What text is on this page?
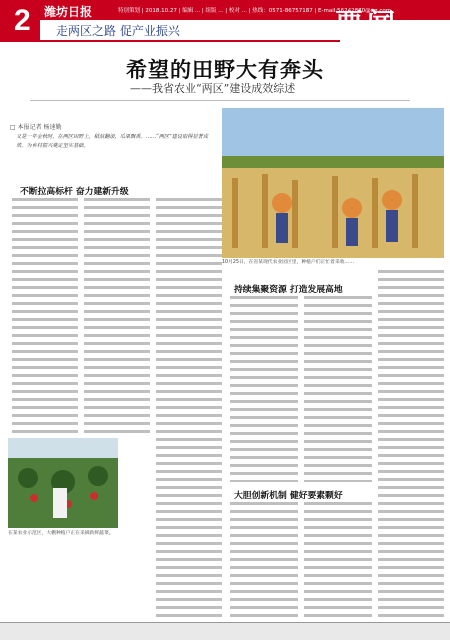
2 潍坊日报	特别策划 | 2018.10.27 | 编辑 ... | 组版 ... | 校对 ... | 热线：0571-86757187 | E-mail:56242870@qq.com
要闻
走两区之路 促产业振兴
希望的田野大有奔头
——我省农业“两区”建设成效综述
□ 本报记者 杨速勤
又是一年金秋时，在两区田野上，稻浪翻滚、瓜果飘香。……“两区”建设取得显著成效，为乡村振兴奠定坚实基础。
10月25日，在省某现代农业园区里，种植户们正忙着采收……
不断拉高标杆 奋力建新升级
持续集聚资源 打造发展高地
大胆创新机制 健好要素颗好
在某农业示范区，大棚种植户正在采摘新鲜蔬菜。
